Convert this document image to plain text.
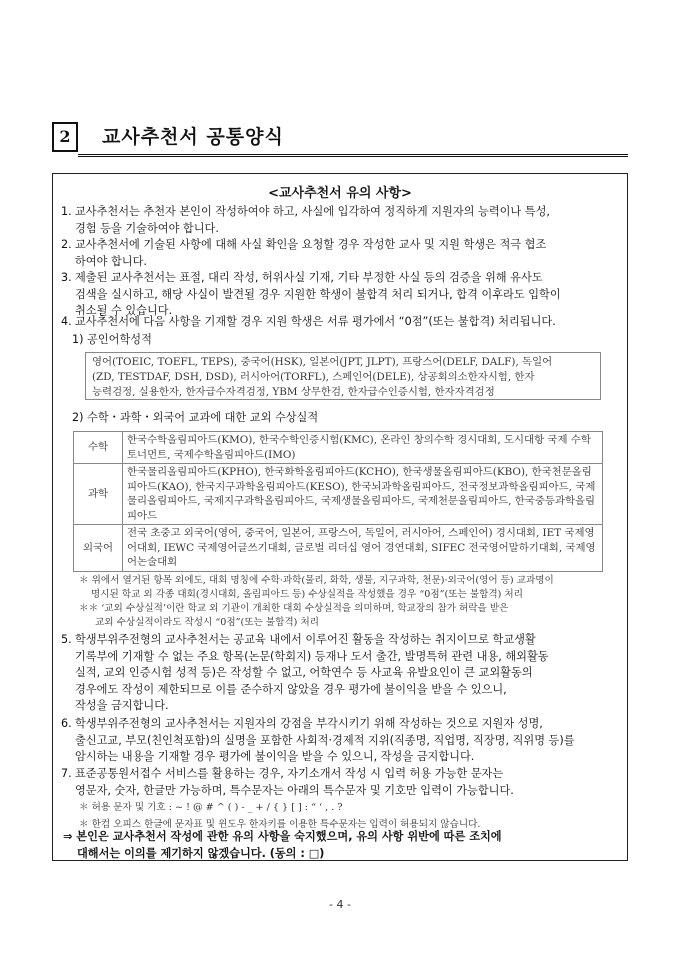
2	교사추천서 공통양식
<교사추천서 유의 사항>

1. 교사추천서는 추천자 본인이 작성하여야 하고, 사실에 입각하여 정직하게 지원자의 능력이나 특성,

경험 등을 기술하여야 합니다.

2. 교사추천서에 기술된 사항에 대해 사실 확인을 요청할 경우 작성한 교사 및 지원 학생은 적극 협조

하여야 합니다.

3. 제출된 교사추천서는 표절, 대리 작성, 허위사실 기재, 기타 부정한 사실 등의 검증을 위해 유사도

검색을 실시하고, 해당 사실이 발견될 경우 지원한 학생이 불합격 처리 되거나, 합격 이후라도 입학이

취소될 수 있습니다.

4. 교사추천서에 다음 사항을 기재할 경우 지원 학생은 서류 평가에서 “0점”(또는 불합격) 처리됩니다.

1) 공인어학성적
영어(TOEIC, TOEFL, TEPS), 중국어(HSK), 일본어(JPT, JLPT), 프랑스어(DELF, DALF), 독일어
(ZD, TESTDAF, DSH, DSD), 러시아어(TORFL), 스페인어(DELE), 상공회의소한자시험, 한자
능력검정, 실용한자, 한자급수자격검정, YBM 상무한검, 한자급수인증시험, 한자자격검정
2) 수학・과학・외국어 교과에 대한 교외 수상실적
수학	한국수학올림피아드(KMO), 한국수학인증시험(KMC), 온라인 창의수학 경시대회, 도시대항 국제 수학토너먼트, 국제수학올림피아드(IMO)
과학	한국물리올림피아드(KPHO), 한국화학올림피아드(KCHO), 한국생물올림피아드(KBO), 한국천문올림피아드(KAO), 한국지구과학올림피아드(KESO), 한국뇌과학올림피아드, 전국정보과학올림피아드, 국제물리올림피아드, 국제지구과학올림피아드, 국제생물올림피아드, 국제천문올림피아드, 한국중등과학올림피아드
외국어	전국 초중고 외국어(영어, 중국어, 일본어, 프랑스어, 독일어, 러시아어, 스페인어) 경시대회, IET 국제영어대회, IEWC 국제영어글쓰기대회, 글로벌 리더십 영어 경연대회, SIFEC 전국영어말하기대회, 국제영어논술대회
＊ 위에서 열거된 항목 외에도, 대회 명칭에 수학·과학(물리, 화학, 생물, 지구과학, 천문)·외국어(영어 등) 교과명이
명시된 학교 외 각종 대회(경시대회, 올림피아드 등) 수상실적을 작성했을 경우 “0점”(또는 불합격) 처리
＊＊ ‘교외 수상실적’이란 학교 외 기관이 개최한 대회 수상실적을 의미하며, 학교장의 참가 허락을 받은
교외 수상실적이라도 작성시 “0점”(또는 불합격) 처리

5. 학생부위주전형의 교사추천서는 공교육 내에서 이루어진 활동을 작성하는 취지이므로 학교생활

기록부에 기재할 수 없는 주요 항목(논문(학회지) 등재나 도서 출간, 발명특허 관련 내용, 해외활동

실적, 교외 인증시험 성적 등)은 작성할 수 없고, 어학연수 등 사교육 유발요인이 큰 교외활동의

경우에도 작성이 제한되므로 이를 준수하지 않았을 경우 평가에 불이익을 받을 수 있으니,

작성을 금지합니다.

6. 학생부위주전형의 교사추천서는 지원자의 강점을 부각시키기 위해 작성하는 것으로 지원자 성명,

출신고교, 부모(친인척포함)의 실명을 포함한 사회적·경제적 지위(직종명, 직업명, 직장명, 직위명 등)를

암시하는 내용을 기재할 경우 평가에 불이익을 받을 수 있으니, 작성을 금지합니다.

7. 표준공통원서접수 서비스를 활용하는 경우, 자기소개서 작성 시 입력 허용 가능한 문자는

영문자, 숫자, 한글만 가능하며, 특수문자는 아래의 특수문자 및 기호만 입력이 가능합니다.

＊ 허용 문자 및 기호 : ~ ! @ # ^ ( ) - _ + / { } [ ] : “ ‘ , . ?
＊ 한컴 오피스 한글에 문자표 및 윈도우 한자키를 이용한 특수문자는 입력이 허용되지 않습니다.
⇒ 본인은 교사추천서 작성에 관한 유의 사항을 숙지했으며, 유의 사항 위반에 따른 조치에
대해서는 이의를 제기하지 않겠습니다. (동의 : □)
- 4 -
